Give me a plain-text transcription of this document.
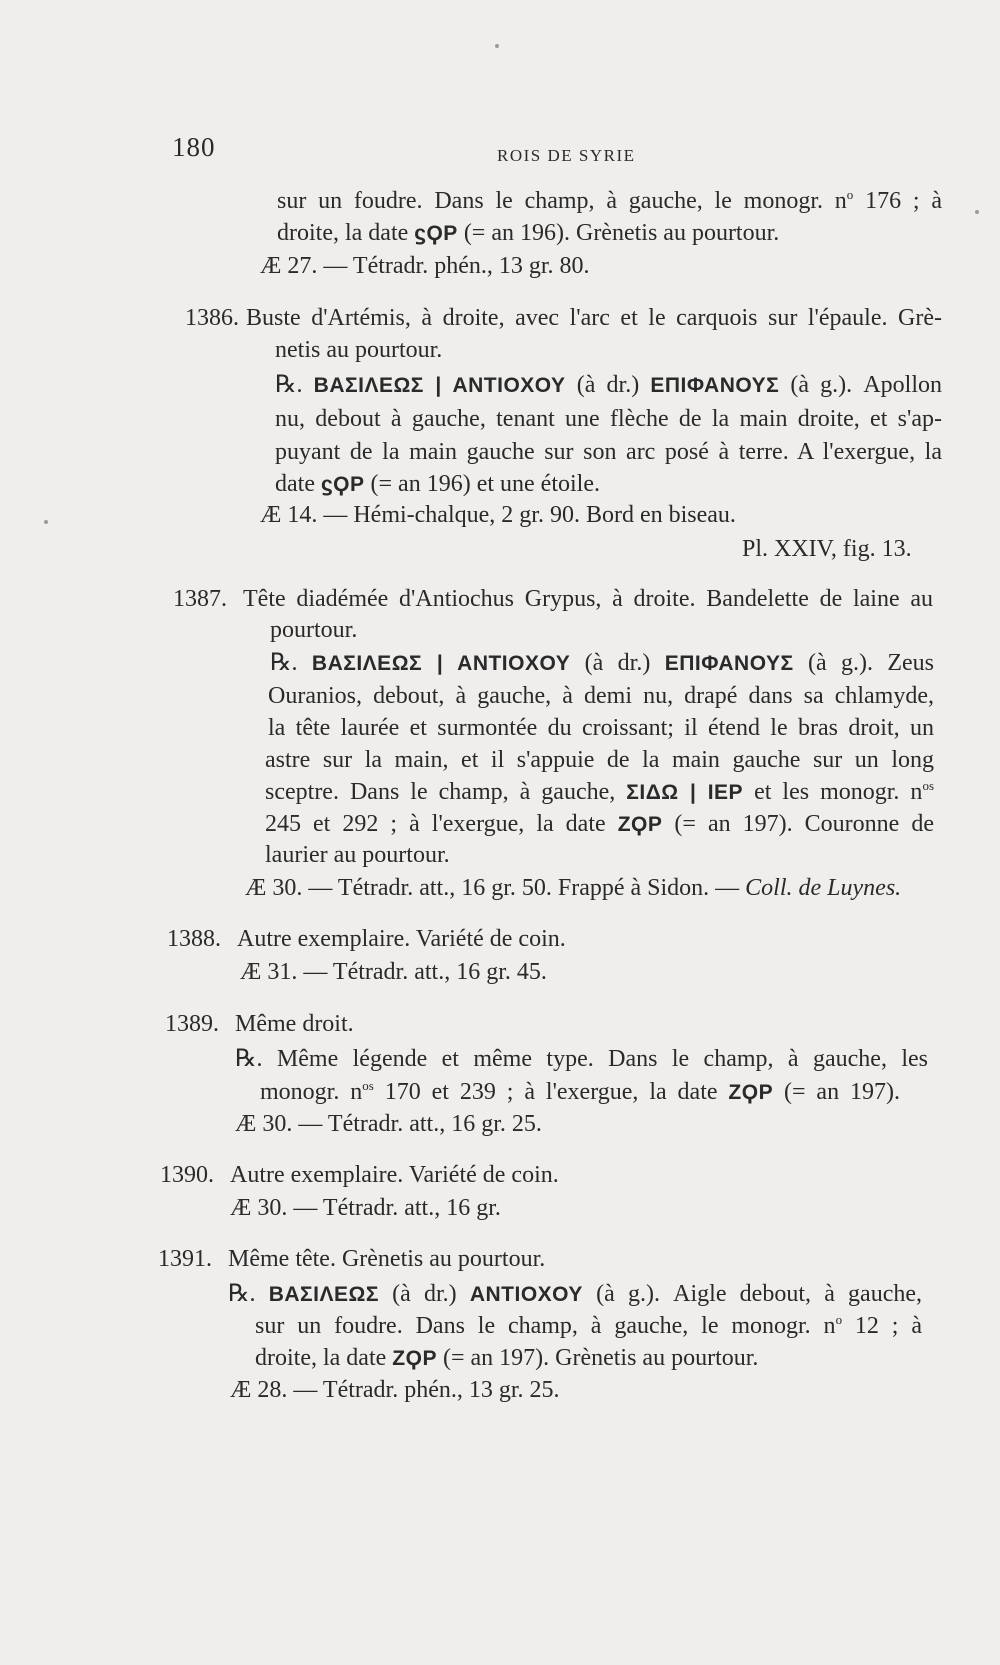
180	ROIS DE SYRIE
sur un foudre. Dans le champ, à gauche, le monogr. $n^o$ 176 ; à
droite, la date ϛϘΡ (= an 196). Grènetis au pourtour.
Æ 27. — Tétradr. phén., 13 gr. 80.
1386. Buste d'Artémis, à droite, avec l'arc et le carquois sur l'épaule. Grè-
netis au pourtour.
℞. ΒΑΣΙΛΕΩΣ | ΑΝΤΙΟΧΟΥ (à dr.) ΕΠΙΦΑΝΟΥΣ (à g.). Apollon
nu, debout à gauche, tenant une flèche de la main droite, et s'ap-
puyant de la main gauche sur son arc posé à terre. A l'exergue, la
date ϛϘΡ (= an 196) et une étoile.
Æ 14. — Hémi-chalque, 2 gr. 90. Bord en biseau.
Pl. XXIV, fig. 13.
1387. Tête diadémée d'Antiochus Grypus, à droite. Bandelette de laine au
pourtour.
℞. ΒΑΣΙΛΕΩΣ | ΑΝΤΙΟΧΟΥ (à dr.) ΕΠΙΦΑΝΟΥΣ (à g.). Zeus
Ouranios, debout, à gauche, à demi nu, drapé dans sa chlamyde,
la tête laurée et surmontée du croissant; il étend le bras droit, un
astre sur la main, et il s'appuie de la main gauche sur un long
sceptre. Dans le champ, à gauche, ΣΙΔΩ | ΙΕΡ et les monogr. $n^{os}$
245 et 292 ; à l'exergue, la date ΖϘΡ (= an 197). Couronne de
laurier au pourtour.
Æ 30. — Tétradr. att., 16 gr. 50. Frappé à Sidon. — Coll. de Luynes.
1388. Autre exemplaire. Variété de coin.
Æ 31. — Tétradr. att., 16 gr. 45.
1389. Même droit.
℞. Même légende et même type. Dans le champ, à gauche, les
monogr. $n^{os}$ 170 et 239 ; à l'exergue, la date ΖϘΡ (= an 197).
Æ 30. — Tétradr. att., 16 gr. 25.
1390. Autre exemplaire. Variété de coin.
Æ 30. — Tétradr. att., 16 gr.
1391. Même tête. Grènetis au pourtour.
℞. ΒΑΣΙΛΕΩΣ (à dr.) ΑΝΤΙΟΧΟΥ (à g.). Aigle debout, à gauche,
sur un foudre. Dans le champ, à gauche, le monogr. $n^o$ 12 ; à
droite, la date ΖϘΡ (= an 197). Grènetis au pourtour.
Æ 28. — Tétradr. phén., 13 gr. 25.
